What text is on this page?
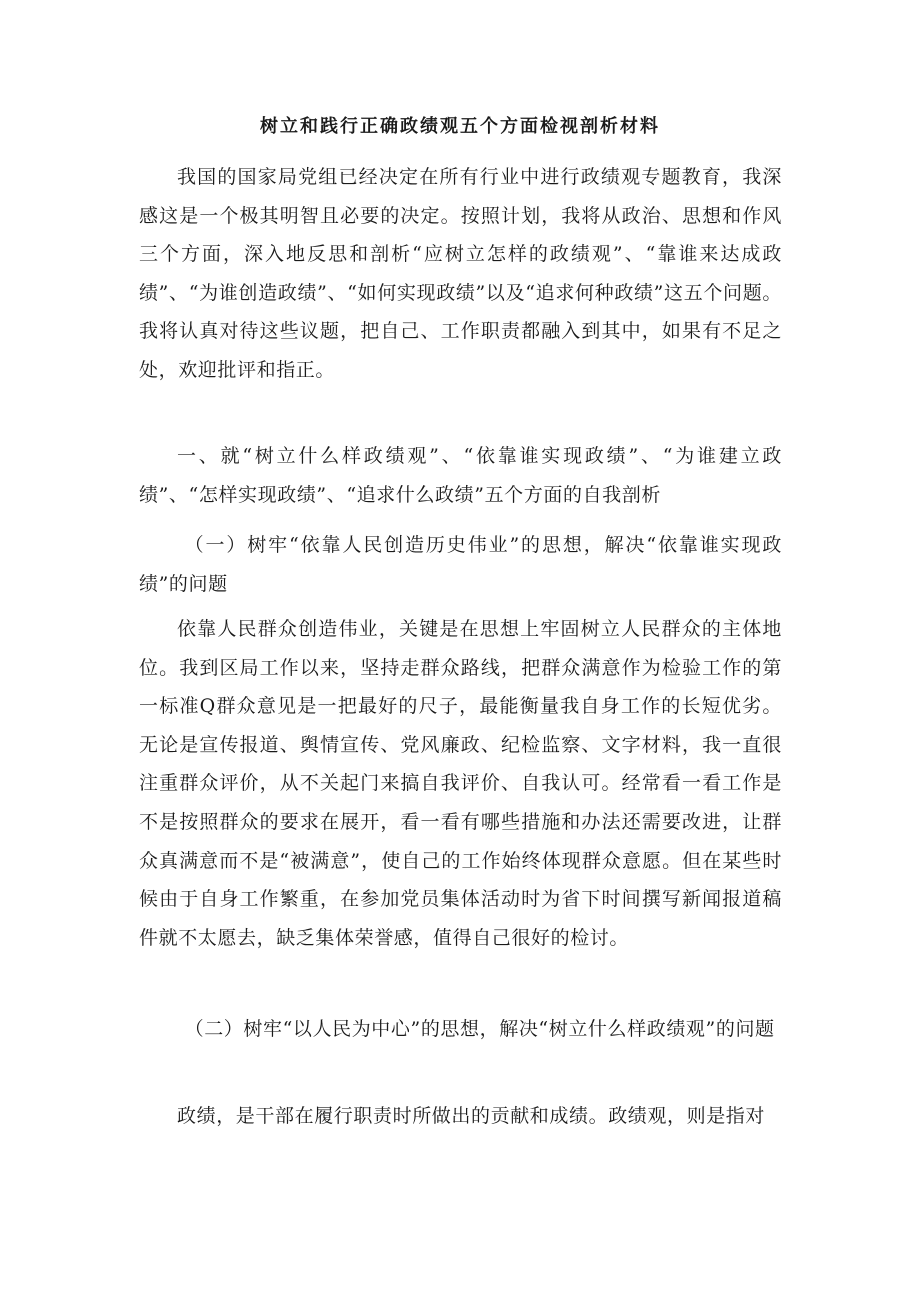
树立和践行正确政绩观五个方面检视剖析材料

我国的国家局党组已经决定在所有行业中进行政绩观专题教育，我深感这是一个极其明智且必要的决定。按照计划，我将从政治、思想和作风三个方面，深入地反思和剖析“应树立怎样的政绩观”、“靠谁来达成政绩”、“为谁创造政绩”、“如何实现政绩”以及“追求何种政绩”这五个问题。我将认真对待这些议题，把自己、工作职责都融入到其中，如果有不足之处，欢迎批评和指正。

一、就“树立什么样政绩观”、“依靠谁实现政绩”、“为谁建立政绩”、“怎样实现政绩”、“追求什么政绩”五个方面的自我剖析

（一）树牢“依靠人民创造历史伟业”的思想，解决“依靠谁实现政绩”的问题

依靠人民群众创造伟业，关键是在思想上牢固树立人民群众的主体地位。我到区局工作以来，坚持走群众路线，把群众满意作为检验工作的第一标准Q群众意见是一把最好的尺子，最能衡量我自身工作的长短优劣。无论是宣传报道、舆情宣传、党风廉政、纪检监察、文字材料，我一直很注重群众评价，从不关起门来搞自我评价、自我认可。经常看一看工作是不是按照群众的要求在展开，看一看有哪些措施和办法还需要改进，让群众真满意而不是“被满意”，使自己的工作始终体现群众意愿。但在某些时候由于自身工作繁重，在参加党员集体活动时为省下时间撰写新闻报道稿件就不太愿去，缺乏集体荣誉感，值得自己很好的检讨。

（二）树牢“以人民为中心”的思想，解决“树立什么样政绩观”的问题

政绩，是干部在履行职责时所做出的贡献和成绩。政绩观，则是指对
